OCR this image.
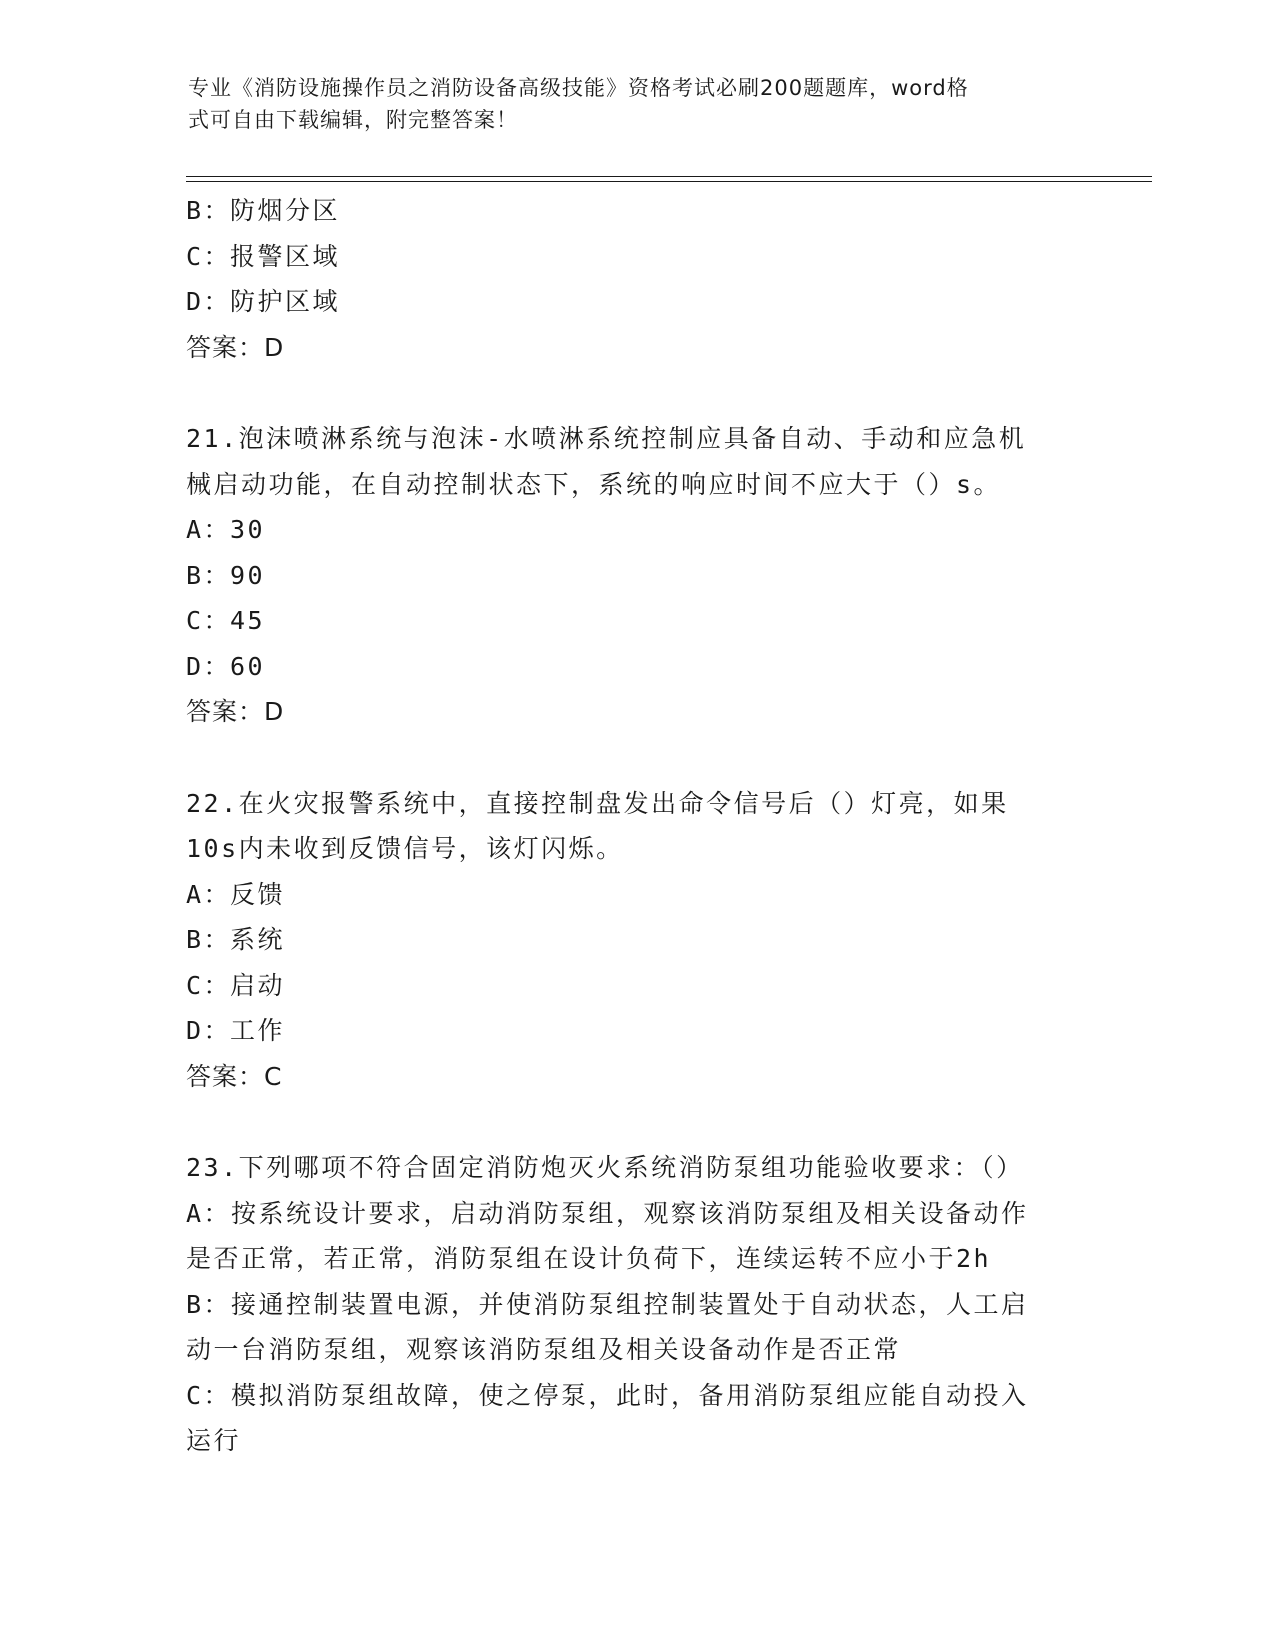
专业《消防设施操作员之消防设备高级技能》资格考试必刷200题题库，word格
式可自由下载编辑，附完整答案！
B：防烟分区
C：报警区域
D：防护区域
答案：D
21.泡沫喷淋系统与泡沫-水喷淋系统控制应具备自动、手动和应急机
械启动功能，在自动控制状态下，系统的响应时间不应大于（）s。
A：30
B：90
C：45
D：60
答案：D
22.在火灾报警系统中，直接控制盘发出命令信号后（）灯亮，如果
10s内未收到反馈信号，该灯闪烁。
A：反馈
B：系统
C：启动
D：工作
答案：C
23.下列哪项不符合固定消防炮灭火系统消防泵组功能验收要求：（）
A：按系统设计要求，启动消防泵组，观察该消防泵组及相关设备动作
是否正常，若正常，消防泵组在设计负荷下，连续运转不应小于2h
B：接通控制装置电源，并使消防泵组控制装置处于自动状态，人工启
动一台消防泵组，观察该消防泵组及相关设备动作是否正常
C：模拟消防泵组故障，使之停泵，此时，备用消防泵组应能自动投入
运行
